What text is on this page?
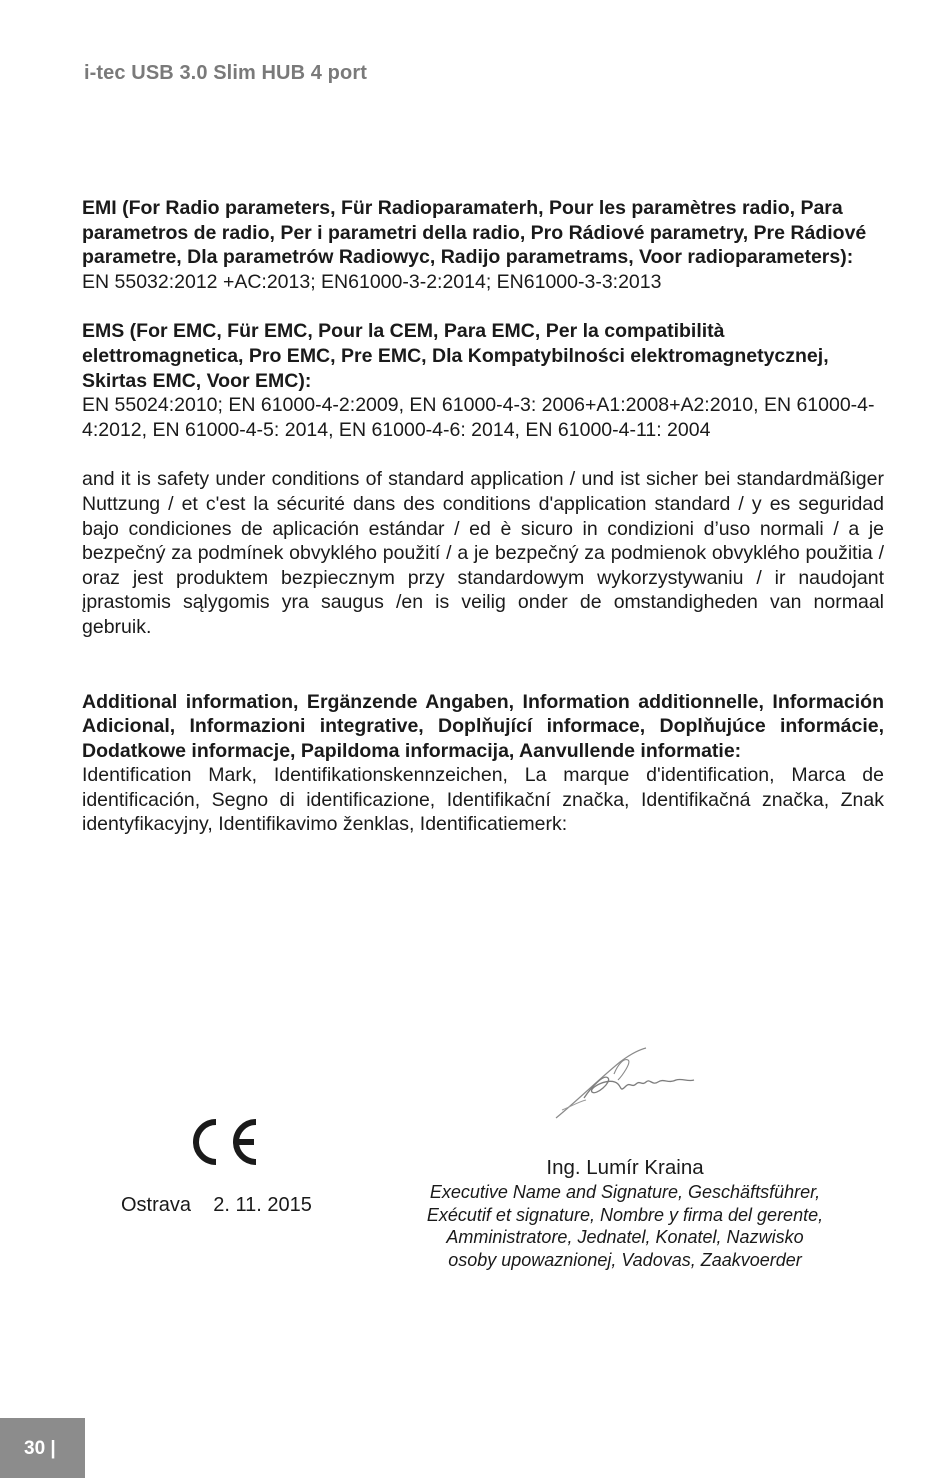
i-tec USB 3.0 Slim HUB 4 port

EMI (For Radio parameters, Für Radioparamaterh, Pour les paramètres radio, Para parametros de radio, Per i parametri della radio, Pro Rádiové parametry, Pre Rádiové parametre, Dla parametrów Radiowyc, Radijo parametrams, Voor radioparameters): EN 55032:2012 +AC:2013; EN61000-3-2:2014; EN61000-3-3:2013

EMS (For EMC, Für EMC, Pour la CEM, Para EMC, Per la compatibilità elettromagnetica, Pro EMC, Pre EMC, Dla Kompatybilności elektromagnetycznej, Skirtas EMC, Voor EMC):
EN 55024:2010; EN 61000-4-2:2009, EN 61000-4-3: 2006+A1:2008+A2:2010, EN 61000-4-4:2012, EN 61000-4-5: 2014, EN 61000-4-6: 2014, EN 61000-4-11: 2004

and it is safety under conditions of standard application / und ist sicher bei standardmäßiger Nuttzung / et c'est la sécurité dans des conditions d'application standard / y es seguridad bajo condiciones de aplicación estándar / ed è sicuro in condizioni d’uso normali / a je bezpečný za podmínek obvyklého použití / a je bezpečný za podmienok obvyklého použitia / oraz jest produktem bezpiecznym przy standardowym wykorzystywaniu / ir naudojant įprastomis sąlygomis yra saugus /en is veilig onder de omstandigheden van normaal gebruik.

Additional information, Ergänzende Angaben, Information additionnelle, Información Adicional, Informazioni integrative, Doplňující informace, Doplňujúce informácie, Dodatkowe informacje, Papildoma informacija, Aanvullende informatie:
Identification Mark, Identifikationskennzeichen, La marque d'identification, Marca de identificación, Segno di identificazione, Identifikační značka, Identifikačná značka, Znak identyfikacyjny, Identifikavimo ženklas, Identificatiemerk:

Ostrava    2. 11. 2015
Ing. Lumír Kraina
Executive Name and Signature, Geschäftsführer,
Exécutif et signature, Nombre y firma del gerente,
Amministratore, Jednatel, Konatel, Nazwisko
osoby upowaznionej, Vadovas, Zaakvoerder
30 |
